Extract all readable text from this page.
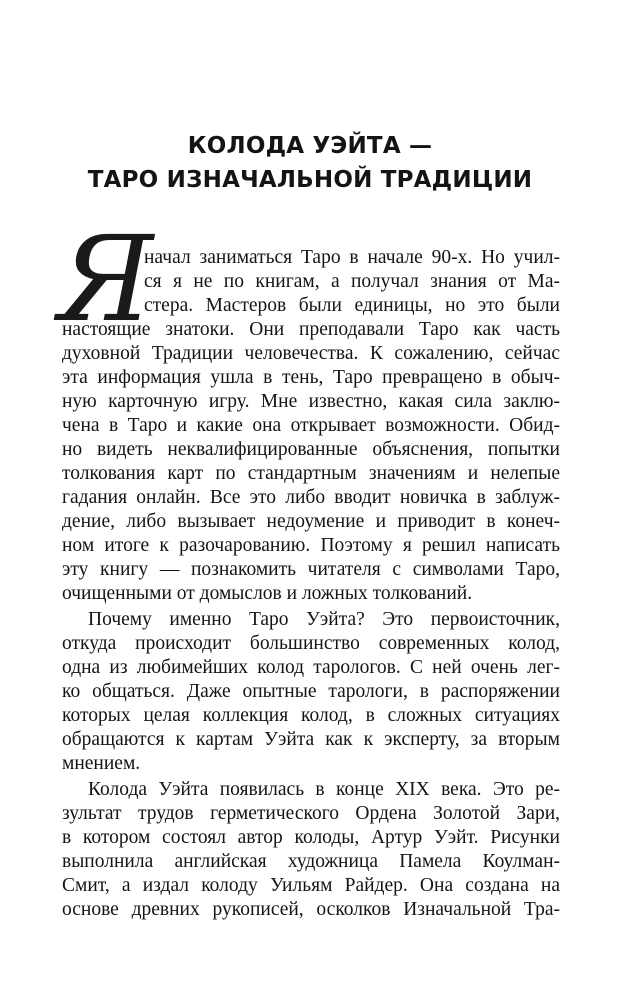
КОЛОДА УЭЙТА —
ТАРО ИЗНАЧАЛЬНОЙ ТРАДИЦИИ
Я

начал заниматься Таро в начале 90-х. Но учил-

ся я не по книгам, а получал знания от Ма-

стера. Мастеров были единицы, но это были

настоящие знатоки. Они преподавали Таро как часть

духовной Традиции человечества. К сожалению, сейчас

эта информация ушла в тень, Таро превращено в обыч-

ную карточную игру. Мне известно, какая сила заклю-

чена в Таро и какие она открывает возможности. Обид-

но видеть неквалифицированные объяснения, попытки

толкования карт по стандартным значениям и нелепые

гадания онлайн. Все это либо вводит новичка в заблуж-

дение, либо вызывает недоумение и приводит в конеч-

ном итоге к разочарованию. Поэтому я решил написать

эту книгу — познакомить читателя с символами Таро,

очищенными от домыслов и ложных толкований.

Почему именно Таро Уэйта? Это первоисточник,

откуда происходит большинство современных колод,

одна из любимейших колод тарологов. С ней очень лег-

ко общаться. Даже опытные тарологи, в распоряжении

которых целая коллекция колод, в сложных ситуациях

обращаются к картам Уэйта как к эксперту, за вторым

мнением.

Колода Уэйта появилась в конце XIX века. Это ре-

зультат трудов герметического Ордена Золотой Зари,

в котором состоял автор колоды, Артур Уэйт. Рисунки

выполнила английская художница Памела Коулман-

Смит, а издал колоду Уильям Райдер. Она создана на

основе древних рукописей, осколков Изначальной Тра-
